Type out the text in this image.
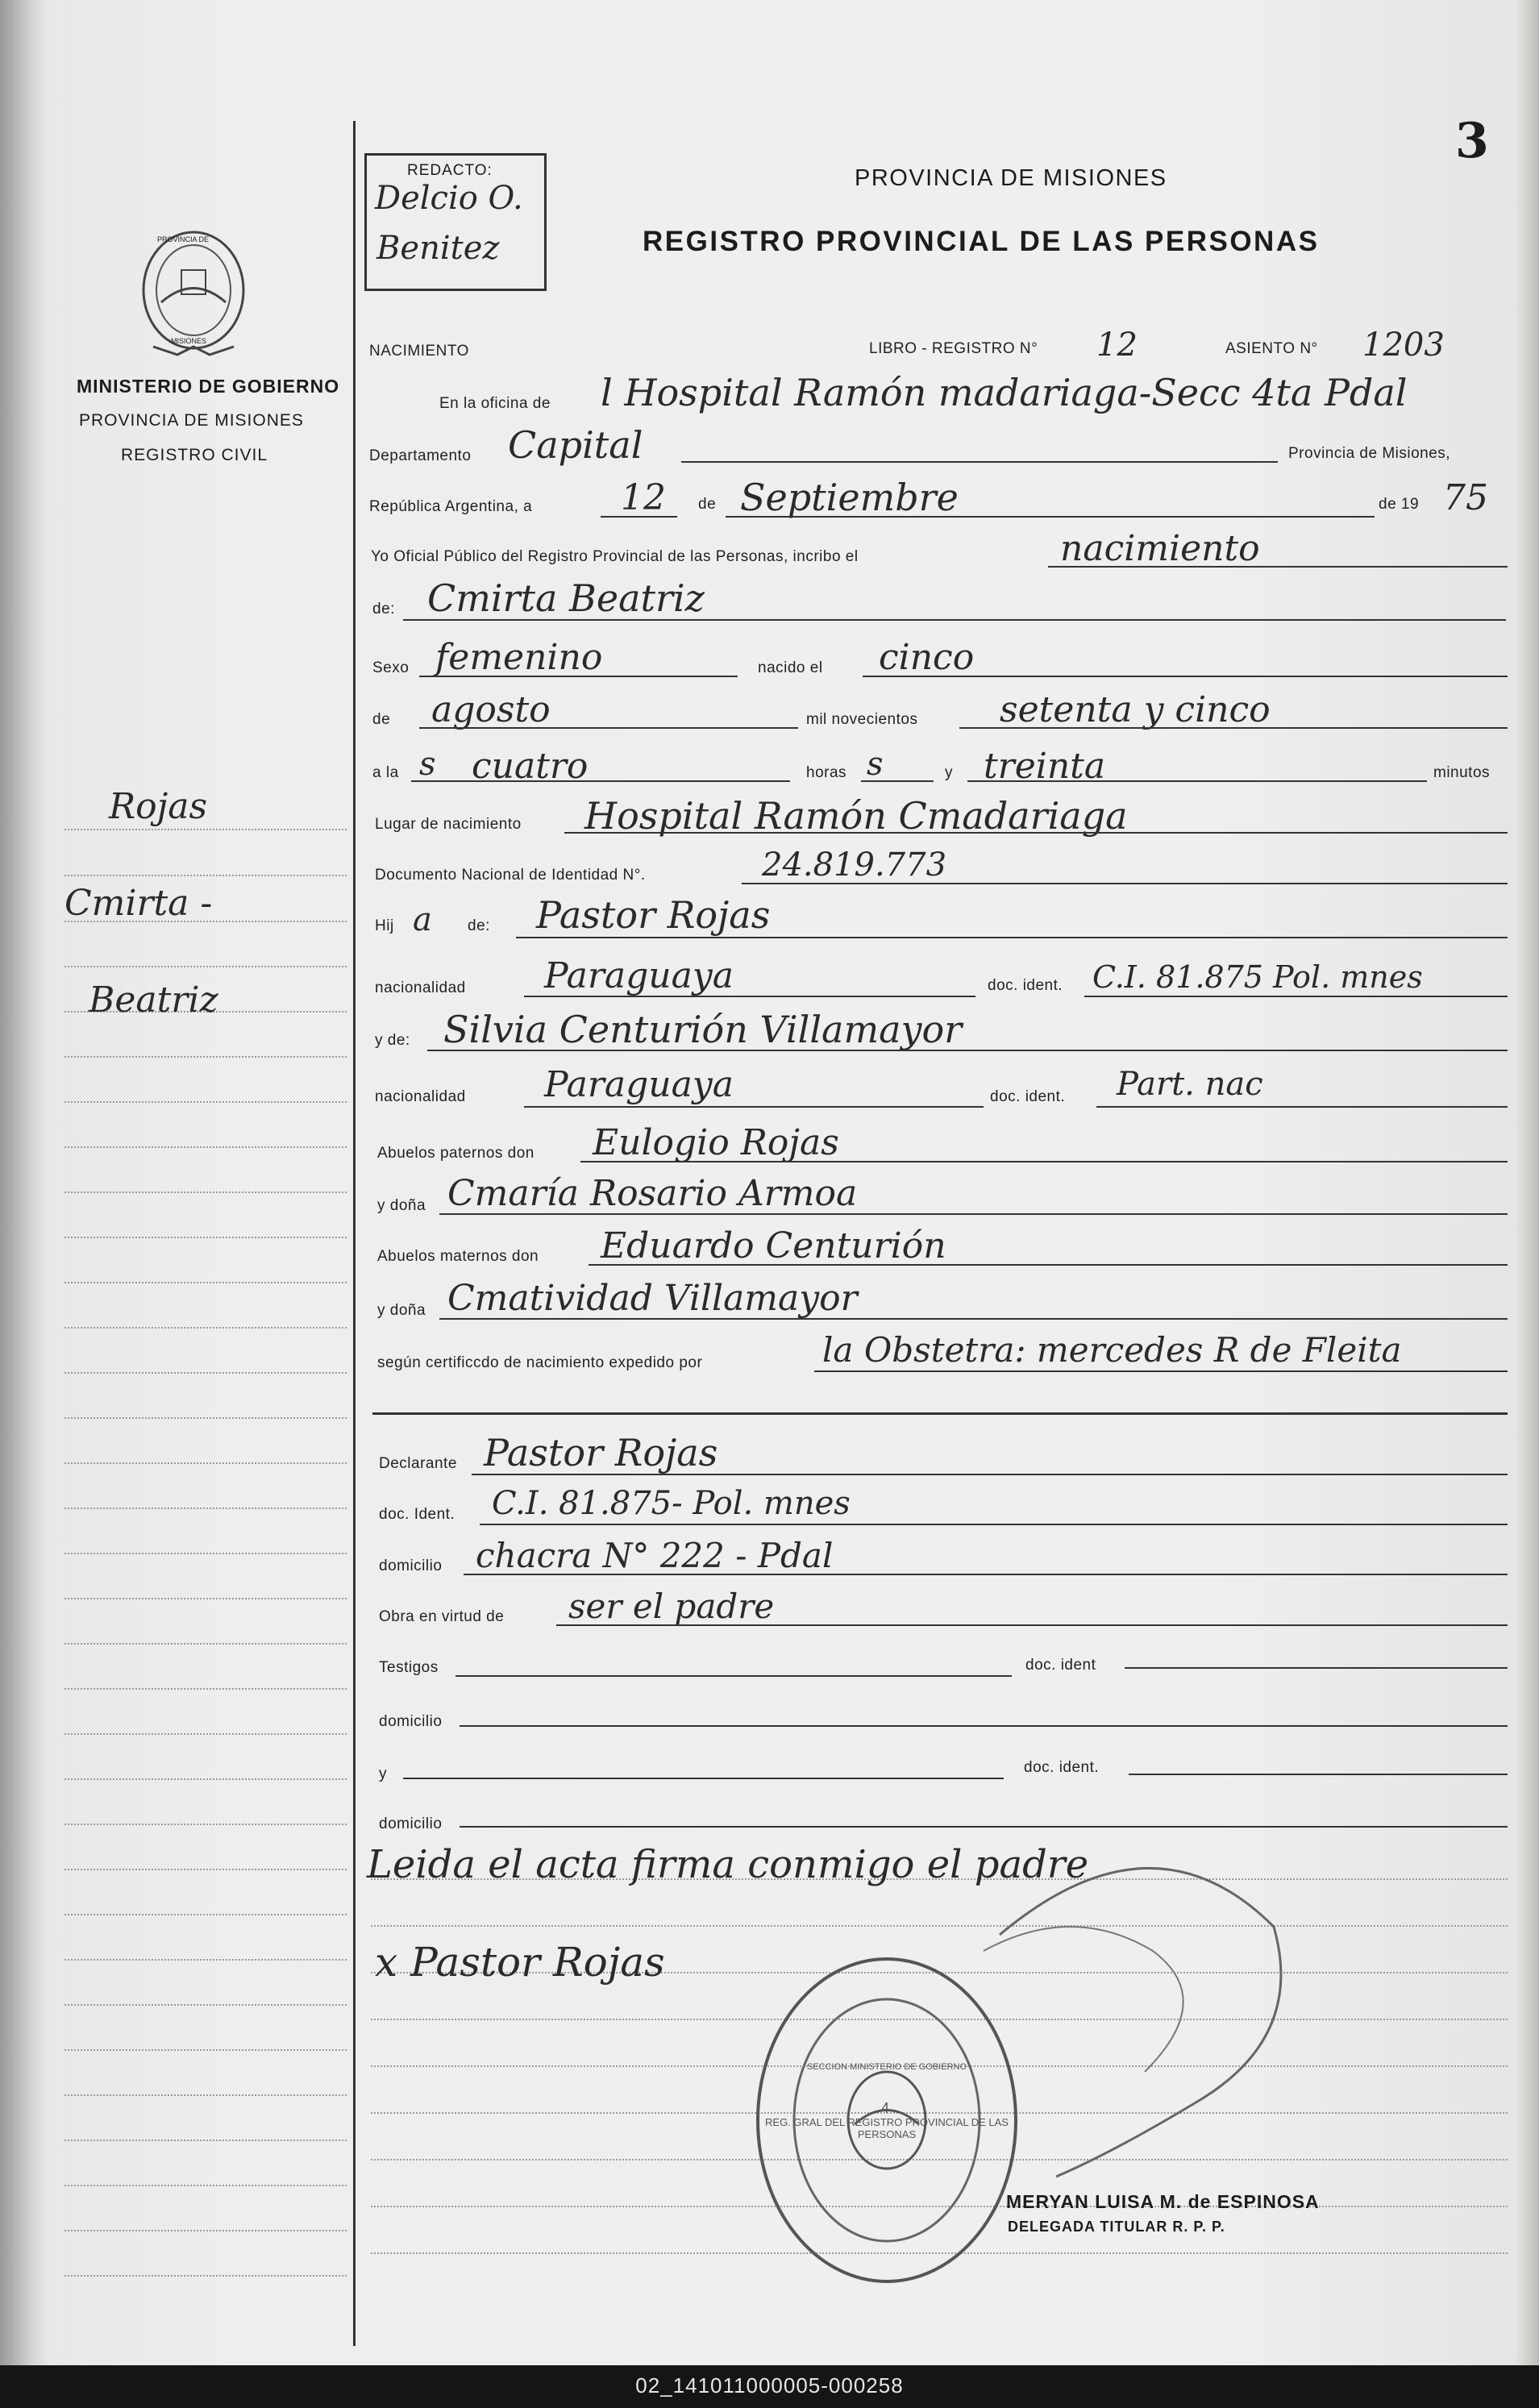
3
PROVINCIA DE
MISIONES
MINISTERIO DE GOBIERNO
PROVINCIA DE MISIONES
REGISTRO CIVIL
Rojas
Cmirta -
Beatriz
REDACTO:
Delcio O.
Benitez
PROVINCIA DE MISIONES
REGISTRO PROVINCIAL DE LAS PERSONAS
NACIMIENTO	LIBRO - REGISTRO N° 12	ASIENTO N° 1203
En la oficina de l Hospital Ramón madariaga-Secc 4ta Pdal
Departamento Capital	Provincia de Misiones,
República Argentina, a 12 de Septiembre	de 19 75
Yo Oficial Público del Registro Provincial de las Personas, incribo el	nacimiento
de: Cmirta Beatriz
Sexo femenino	nacido el cinco
de agosto	mil novecientos setenta y cinco
a la s cuatro	horas s	y treinta	minutos
Lugar de nacimiento Hospital Ramón Cmadariaga
Documento Nacional de Identidad N°.	24.819.773
Hij a de: Pastor Rojas
nacionalidad Paraguaya	doc. ident. C.I. 81.875 Pol. mnes
y de: Silvia Centurión Villamayor
nacionalidad Paraguaya	doc. ident. Part. nac
Abuelos paternos don Eulogio Rojas
y doña Cmaría Rosario Armoa
Abuelos maternos don Eduardo Centurión
y doña Cmatividad Villamayor
según certificcdo de nacimiento expedido por	la Obstetra: mercedes R de Fleita
Declarante Pastor Rojas
doc. Ident. C.I. 81.875- Pol. mnes
domicilio chacra N° 222 - Pdal
Obra en virtud de ser el padre
Testigos	doc. ident
domicilio
y	doc. ident.
domicilio
Leida el acta firma conmigo el padre
x Pastor Rojas
REG. GRAL DEL REGISTRO PROVINCIAL DE LAS PERSONAS
SECCION MINISTERIO DE GOBIERNO
4
MERYAN LUISA M. de ESPINOSA
DELEGADA TITULAR R. P. P.
02_141011000005-000258
